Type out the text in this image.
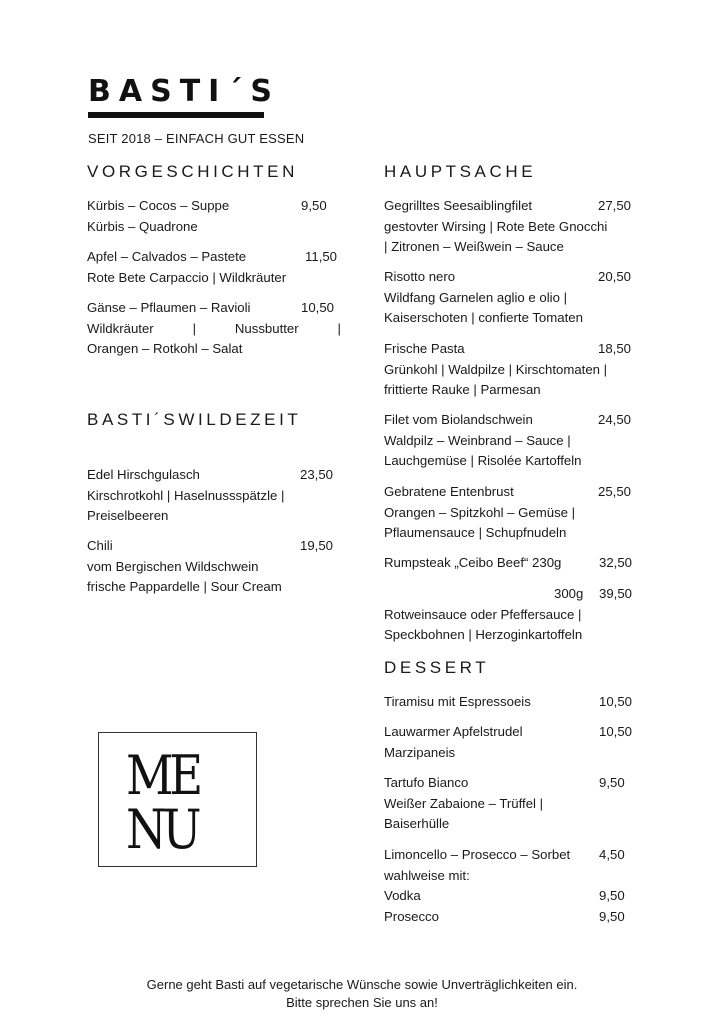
BASTI´S
SEIT 2018 – EINFACH GUT ESSEN
VORGESCHICHTEN
Kürbis – Cocos – Suppe	9,50
Kürbis – Quadrone
Apfel – Calvados – Pastete	11,50
Rote Bete Carpaccio | Wildkräuter
Gänse – Pflaumen – Ravioli	10,50
Wildkräuter	|	Nussbutter	|
Orangen – Rotkohl – Salat
BASTI´SWILDEZEIT
Edel Hirschgulasch	23,50
Kirschrotkohl | Haselnussspätzle |
Preiselbeeren
Chili	19,50
vom Bergischen Wildschwein
frische Pappardelle | Sour Cream
HAUPTSACHE
Gegrilltes Seesaiblingfilet	27,50
gestovter Wirsing | Rote Bete Gnocchi
| Zitronen – Weißwein – Sauce
Risotto nero	20,50
Wildfang Garnelen aglio e olio |
Kaiserschoten | confierte Tomaten
Frische Pasta	18,50
Grünkohl | Waldpilze | Kirschtomaten |
frittierte Rauke | Parmesan
Filet vom Biolandschwein	24,50
Waldpilz – Weinbrand – Sauce |
Lauchgemüse | Risolée Kartoffeln
Gebratene Entenbrust	25,50
Orangen – Spitzkohl – Gemüse |
Pflaumensauce | Schupfnudeln
Rumpsteak „Ceibo Beef“ 230g	32,50
300g 39,50
Rotweinsauce oder Pfeffersauce |
Speckbohnen | Herzoginkartoffeln
DESSERT
Tiramisu mit Espressoeis	10,50
Lauwarmer Apfelstrudel	10,50
Marzipaneis
Tartufo Bianco	9,50
Weißer Zabaione – Trüffel |
Baiserhülle
Limoncello – Prosecco – Sorbet	4,50
wahlweise mit:
Vodka	9,50
Prosecco	9,50
ME
NU
Gerne geht Basti auf vegetarische Wünsche sowie Unverträglichkeiten ein.
Bitte sprechen Sie uns an!
